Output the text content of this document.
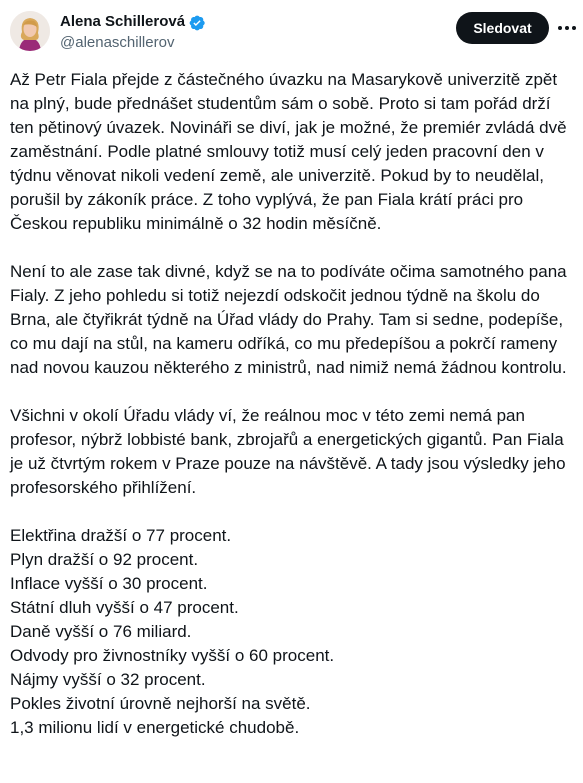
Alena Schillerová
@alenaschillerov
Sledovat

Až Petr Fiala přejde z částečného úvazku na Masarykově univerzitě zpět na plný, bude přednášet studentům sám o sobě. Proto si tam pořád drží ten pětinový úvazek. Novináři se diví, jak je možné, že premiér zvládá dvě zaměstnání. Podle platné smlouvy totiž musí celý jeden pracovní den v týdnu věnovat nikoli vedení země, ale univerzitě. Pokud by to neudělal, porušil by zákoník práce. Z toho vyplývá, že pan Fiala krátí práci pro Českou republiku minimálně o 32 hodin měsíčně.

Není to ale zase tak divné, když se na to podíváte očima samotného pana Fialy. Z jeho pohledu si totiž nejezdí odskočit jednou týdně na školu do Brna, ale čtyřikrát týdně na Úřad vlády do Prahy. Tam si sedne, podepíše, co mu dají na stůl, na kameru odříká, co mu předepíšou a pokrčí rameny nad novou kauzou některého z ministrů, nad nimiž nemá žádnou kontrolu.

Všichni v okolí Úřadu vlády ví, že reálnou moc v této zemi nemá pan profesor, nýbrž lobbisté bank, zbrojařů a energetických gigantů. Pan Fiala je už čtvrtým rokem v Praze pouze na návštěvě. A tady jsou výsledky jeho profesorského přihlížení.

Elektřina dražší o 77 procent.

Plyn dražší o 92 procent.

Inflace vyšší o 30 procent.

Státní dluh vyšší o 47 procent.

Daně vyšší o 76 miliard.

Odvody pro živnostníky vyšší o 60 procent.

Nájmy vyšší o 32 procent.

Pokles životní úrovně nejhorší na světě.

1,3 milionu lidí v energetické chudobě.
